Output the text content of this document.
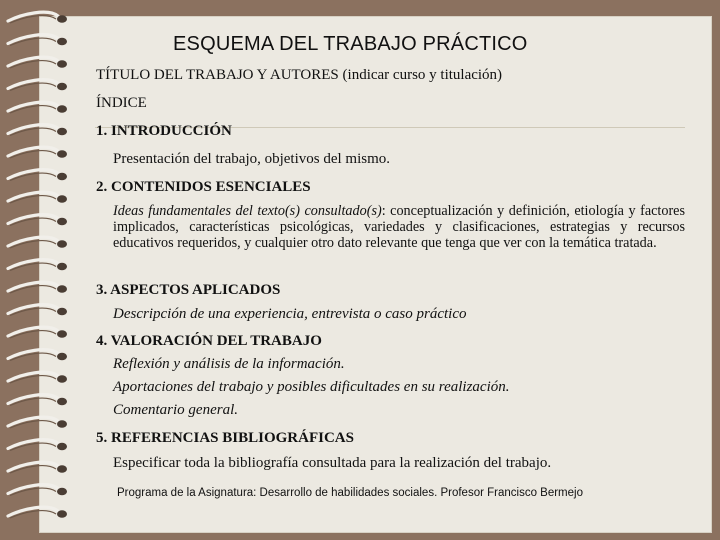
ESQUEMA DEL TRABAJO PRÁCTICO
TÍTULO DEL TRABAJO Y AUTORES (indicar curso y titulación)
ÍNDICE
1. INTRODUCCIÓN
Presentación del trabajo, objetivos del mismo.
2. CONTENIDOS ESENCIALES
Ideas fundamentales del texto(s) consultado(s): conceptualización y definición, etiología y factores implicados, características psicológicas, variedades y clasificaciones, estrategias y recursos educativos requeridos, y cualquier otro dato relevante que tenga que ver con la temática tratada.
3. ASPECTOS APLICADOS
Descripción de una experiencia, entrevista o caso práctico
4. VALORACIÓN DEL TRABAJO
Reflexión y análisis de la información.
Aportaciones del trabajo y posibles dificultades en su realización.
Comentario general.
5. REFERENCIAS BIBLIOGRÁFICAS
Especificar toda la bibliografía consultada para la realización del trabajo.
Programa de la Asignatura: Desarrollo de habilidades sociales. Profesor Francisco Bermejo
